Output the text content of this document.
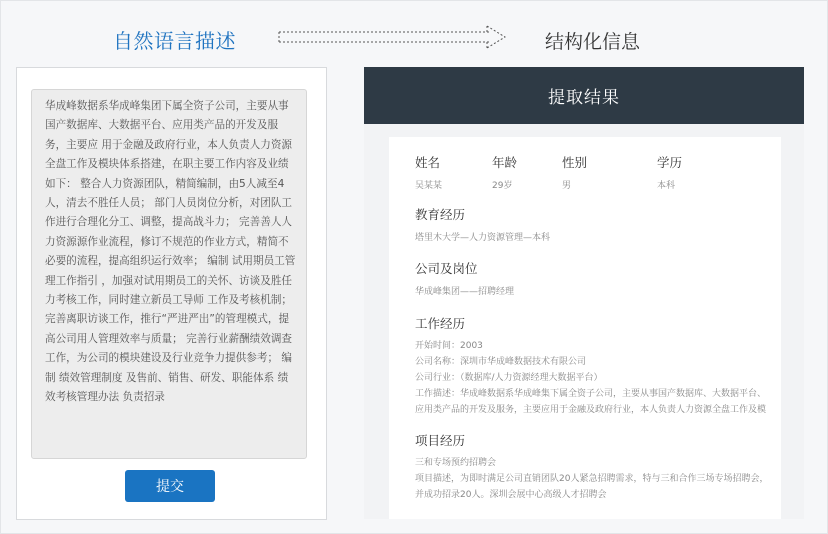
自然语言描述	结构化信息
华成峰数据系华成峰集团下属全资子公司，主要从事国产数据库、大数据平台、应用类产品的开发及服务，主要应 用于金融及政府行业，本人负责人力资源全盘工作及模块体系搭建，在职主要工作内容及业绩如下： 整合人力资源团队，精简编制，由5人减至4人，清去不胜任人员； 部门人员岗位分析，对团队工作进行合理化分工、调整，提高战斗力； 完善善人人力资源源作业流程，修订不规范的作业方式，精简不必要的流程，提高组织运行效率； 编制 试用期员工管理工作指引 ，加强对试用期员工的关怀、访谈及胜任力考核工作，同时建立新员工导师 工作及考核机制； 完善离职访谈工作，推行“严进严出”的管理模式，提高公司用人管理效率与质量； 完善行业薪酬绩效调查工作，为公司的模块建设及行业竞争力提供参考； 编制 绩效管理制度 及售前、销售、研发、职能体系 绩效考核管理办法 负责招录
提交
提取结果
姓名
吴某某
年龄
29岁
性别
男
学历
本科
教育经历
塔里木大学—人力资源管理—本科
公司及岗位
华成峰集团——招聘经理
工作经历
开始时间：2003
公司名称：深圳市华成峰数据技术有限公司
公司行业：（数据库/人力资源经理大数据平台）
工作描述：华成峰数据系华成峰集下属全资子公司，主要从事国产数据库、大数据平台、
应用类产品的开发及服务，主要应用于金融及政府行业，本人负责人力资源全盘工作及模
项目经历
三和专场预约招聘会
项目描述，为即时满足公司直销团队20人紧急招聘需求，特与三和合作三场专场招聘会，
并成功招录20人。深圳会展中心高级人才招聘会
